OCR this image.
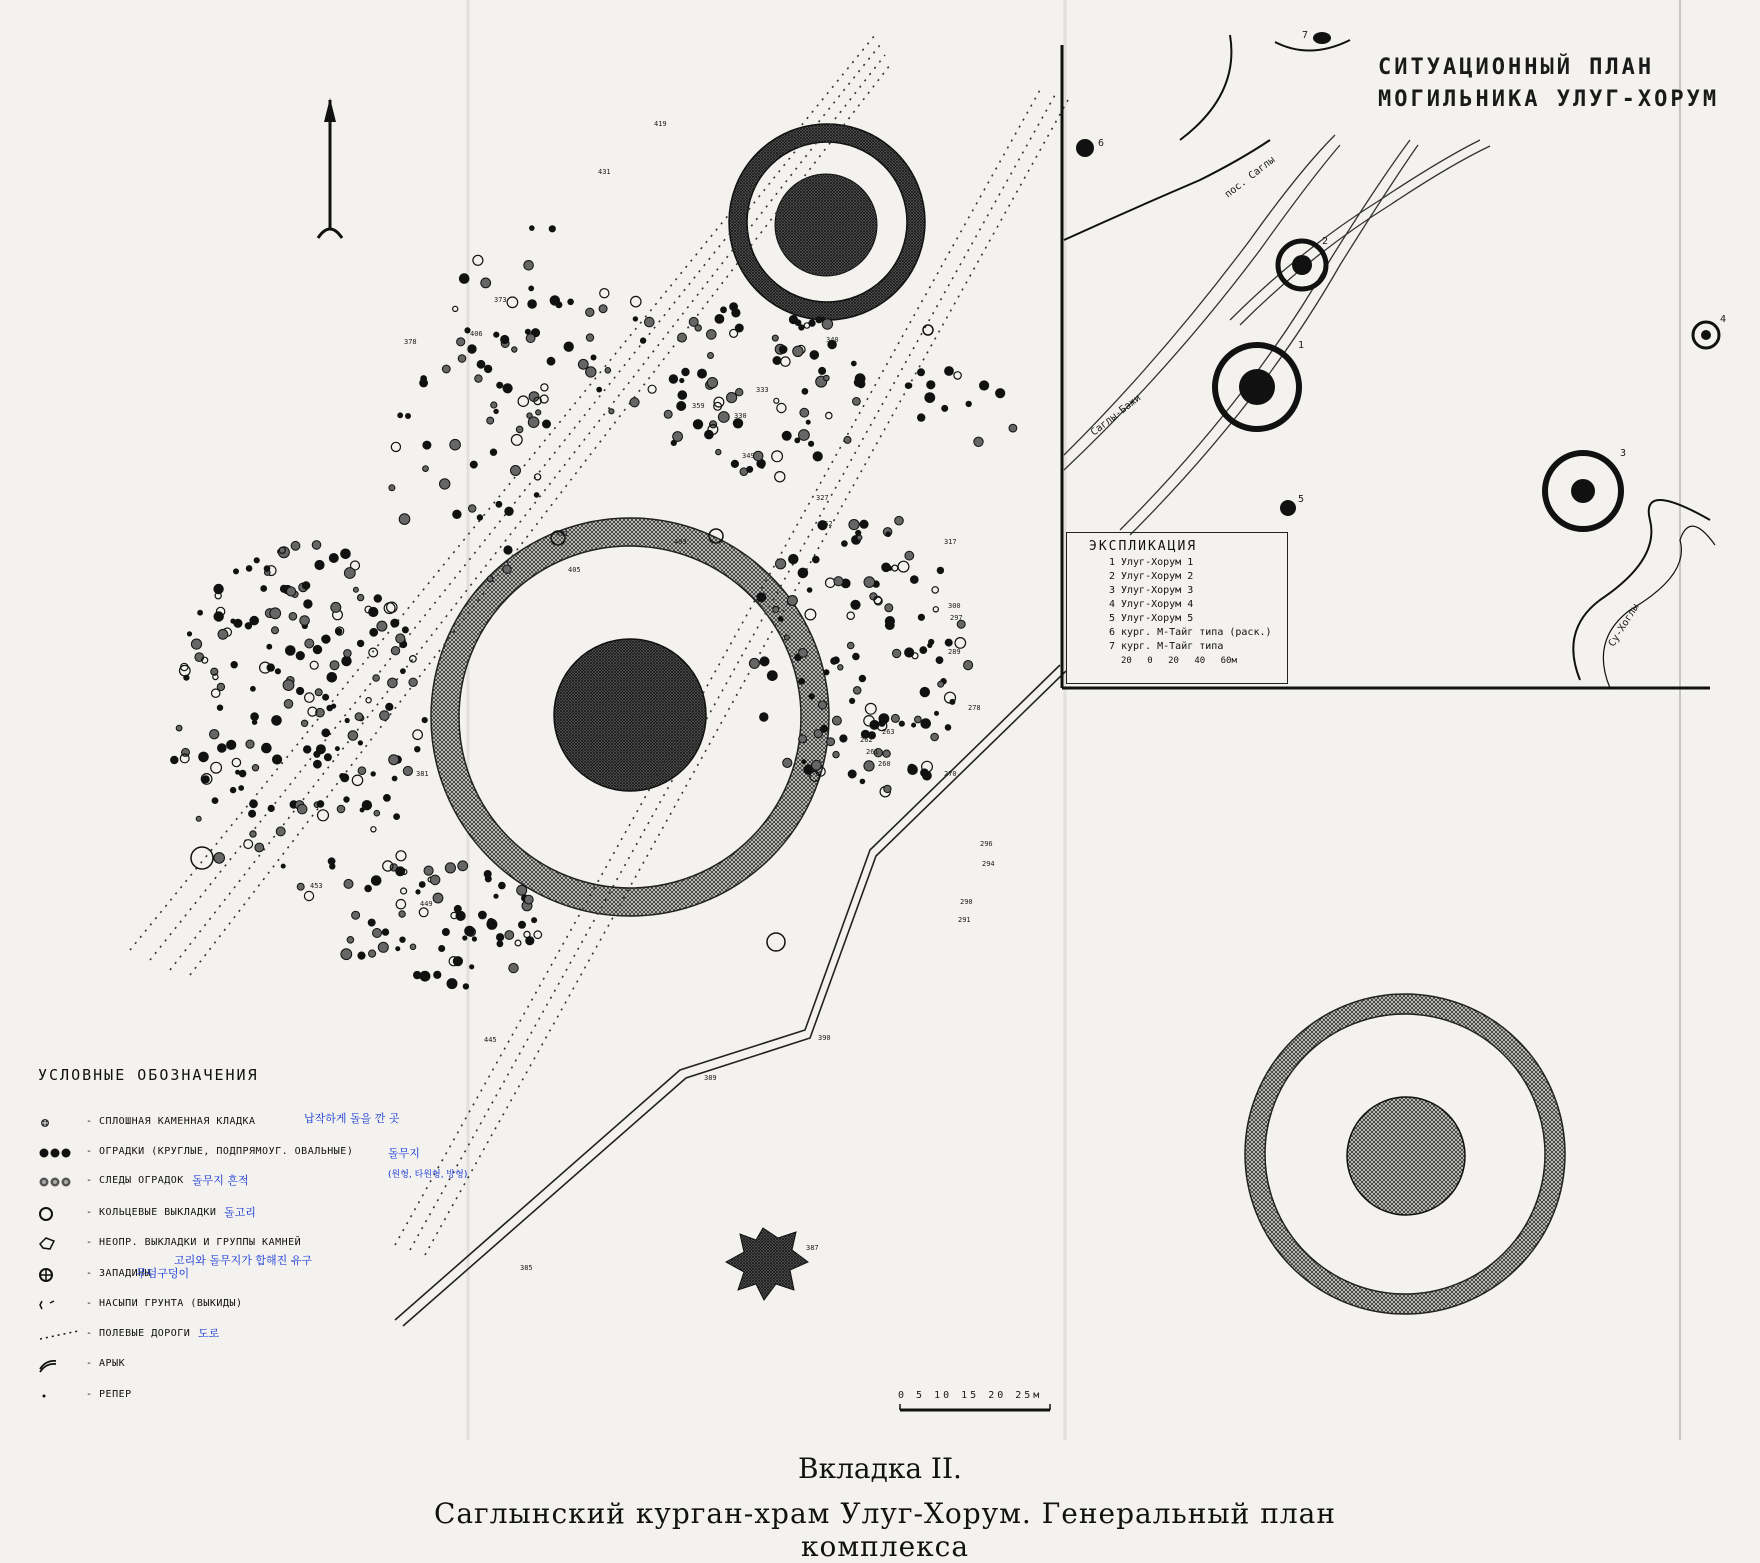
СИТУАЦИОННЫЙ ПЛАН
МОГИЛЬНИКА УЛУГ-ХОРУМ
Саглы-Бажи
пос. Саглы
Су-Хоглы
1
2
3
4
5
6
7
ЭКСПЛИКАЦИЯ
1 Улуг-Хорум 1
2 Улуг-Хорум 2
3 Улуг-Хорум 3
4 Улуг-Хорум 4
5 Улуг-Хорум 5
6 кург. М-Тайг типа (раск.)
7 кург. М-Тайг типа
20 0 20 40 60м
260
261
262
263
270
278
289
290
291
294
296
297
300
317
327
330
333
340
349
352
359
373
378
381
385
387
389
390
401
403
405
406
419
431
445
449
453
УСЛОВНЫЕ ОБОЗНАЧЕНИЯ
- СПЛОШНАЯ КАМЕННАЯ КЛАДКА	납작하게 돌을 깐 곳
- ОГРАДКИ (КРУГЛЫЕ, ПОДПРЯМОУГ. ОВАЛЬНЫЕ)	돌무지
(원형, 타원형, 방형)
- СЛЕДЫ ОГРАДОК 돌무지 흔적
- КОЛЬЦЕВЫЕ ВЫКЛАДКИ 돌고리
- НЕОПР. ВЫКЛАДКИ И ГРУППЫ КАМНЕЙ
고리와 돌무지가 합해진 유구
- ЗАПАДИНЫ
무덤구덩이
- НАСЫПИ ГРУНТА (ВЫКИДЫ)
- ПОЛЕВЫЕ ДОРОГИ 도로
- АРЫК
- РЕПЕР	0 5 10 15 20 25м
Вкладка II.
Саглынский курган-храм Улуг-Хорум. Генеральный план комплекса
